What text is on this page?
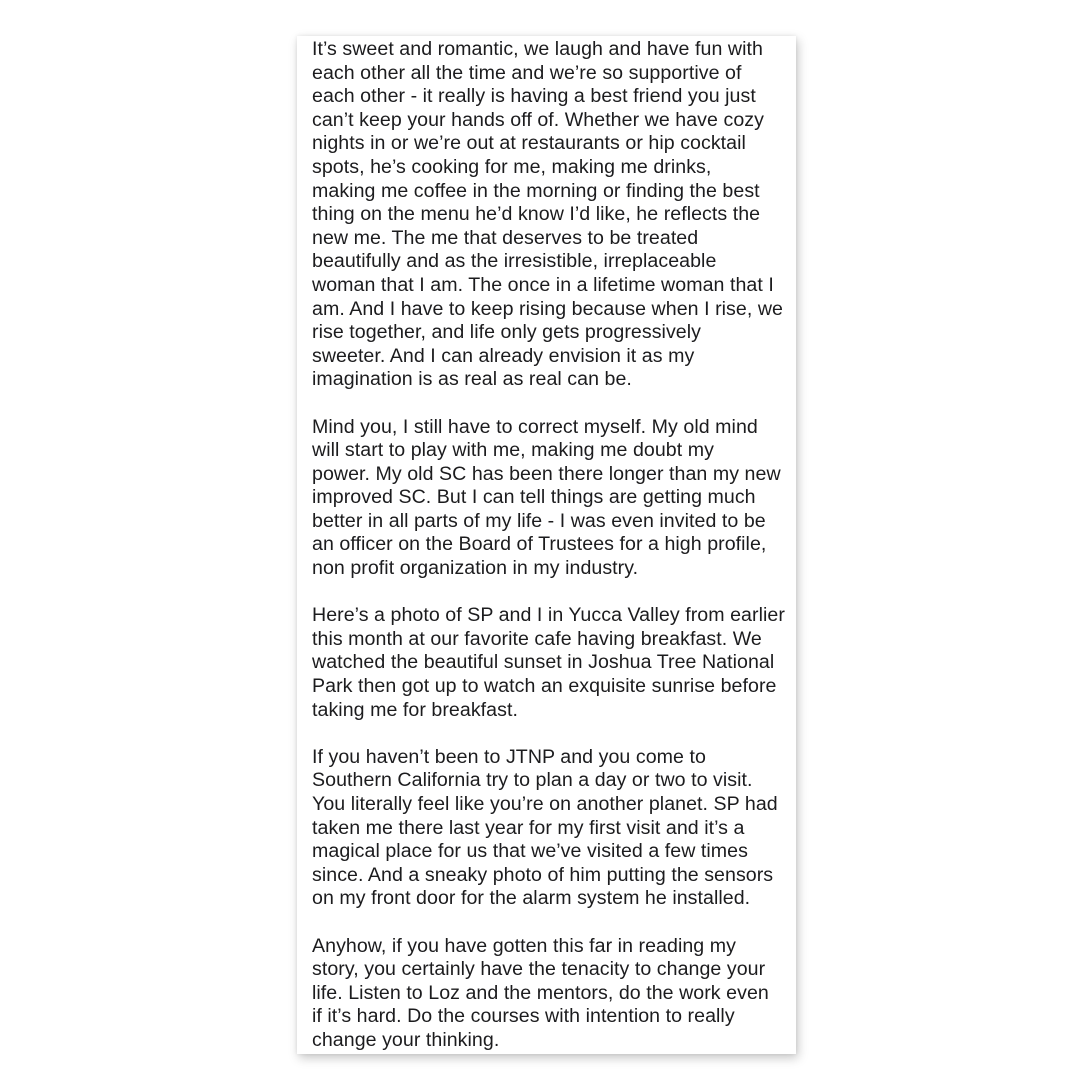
It’s sweet and romantic, we laugh and have fun with
each other all the time and we’re so supportive of
each other - it really is having a best friend you just
can’t keep your hands off of. Whether we have cozy
nights in or we’re out at restaurants or hip cocktail
spots, he’s cooking for me, making me drinks,
making me coffee in the morning or finding the best
thing on the menu he’d know I’d like, he reflects the
new me. The me that deserves to be treated
beautifully and as the irresistible, irreplaceable
woman that I am. The once in a lifetime woman that I
am. And I have to keep rising because when I rise, we
rise together, and life only gets progressively
sweeter. And I can already envision it as my
imagination is as real as real can be.

Mind you, I still have to correct myself. My old mind
will start to play with me, making me doubt my
power. My old SC has been there longer than my new
improved SC. But I can tell things are getting much
better in all parts of my life - I was even invited to be
an officer on the Board of Trustees for a high profile,
non profit organization in my industry.

Here’s a photo of SP and I in Yucca Valley from earlier
this month at our favorite cafe having breakfast. We
watched the beautiful sunset in Joshua Tree National
Park then got up to watch an exquisite sunrise before
taking me for breakfast.

If you haven’t been to JTNP and you come to
Southern California try to plan a day or two to visit.
You literally feel like you’re on another planet. SP had
taken me there last year for my first visit and it’s a
magical place for us that we’ve visited a few times
since. And a sneaky photo of him putting the sensors
on my front door for the alarm system he installed.

Anyhow, if you have gotten this far in reading my
story, you certainly have the tenacity to change your
life. Listen to Loz and the mentors, do the work even
if it’s hard. Do the courses with intention to really
change your thinking.
